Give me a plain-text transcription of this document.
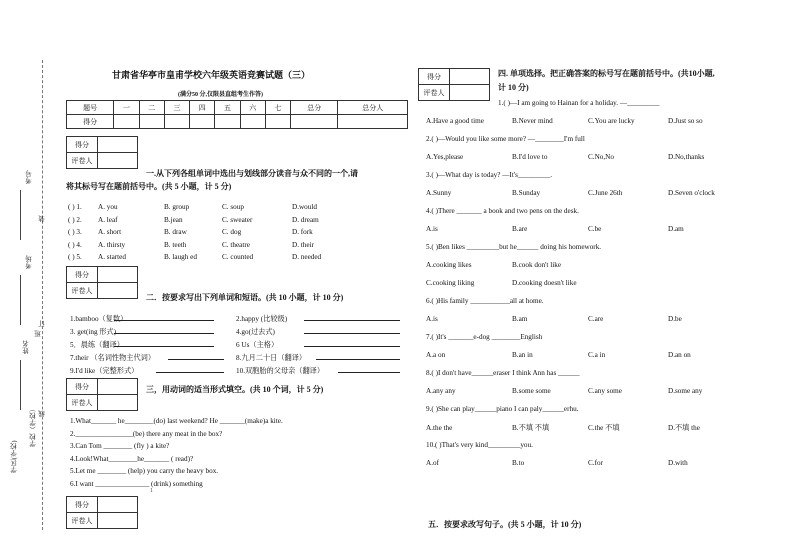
学区(学校)
学校（学校）
姓名
班
考场
考号
装
订
线
甘肃省华亭市皇甫学校六年级英语竞赛试题（三）
(满分50 分,仅限县直组考生作答)
题号	一	二	三	四	五	六	七	总分	总分人
得分									
得分	
评卷人	
一.从下列各组单词中选出与划线部分读音与众不同的一个,请
将其标号写在题前括号中。(共 5 小题，计 5 分)
( ) 1. A. you	B. group	C. soup	D.would
( ) 2. A. leaf	B.jean	C. sweater	D. dream
( ) 3. A. short	B. draw	C. dog	D. fork
( ) 4. A. thirsty	B. teeth	C. theatre	D. their
( ) 5. A. started	B. laugh ed	C. counted	D. needed
得分	
评卷人	
二．按要求写出下列单词和短语。(共 10 小题，计 10 分)
1.bamboo（复数）	2.happy (比较级)
3. get(ing 形式)	4.go(过去式)
5．晨练（翻译）	6 Us（主格）
7.their （名词性物主代词）	8.九月二十日（翻译）
9.I'd like（完整形式）	10.双胞胎的父母亲（翻译）
得分	
评卷人	
三，用动词的适当形式填空。(共 10 个词，计 5 分)
1.What_______ he________(do) last weekend? He _______(make)a kite.
2.________________(be) there any meat in the box?
3.Can Tom ________ (fly ) a kite?
4.Look!What________he_______ ( read)?
5.Let me ________ (help) you carry the heavy box.
6.I want _______________ (drink) something
得分	
评卷人	
得分	
评卷人	
四. 单项选择。把正确答案的标号写在题前括号中。(共10小题,
计 10 分)
1.( )—I am going to Hainan for a holiday. —_________
A.Have a good time	B.Never mind	C.You are lucky	D.Just so so
2.( )—Would you like some more? —________I'm full
A.Yes,please	B.I'd love to	C.No,No	D.No,thanks
3.( )—What day is today? —It's_________.
A.Sunny	B.Sunday	C.June 26th	D.Seven o'clock
4.( )There _______ a book and two pens on the desk.
A.is	B.are	C.be	D.am
5.( )Ben likes _________but he______ doing his homework.
A.cooking likes	B.cook don't like
C.cooking liking	D.cooking doesn't like
6.( )His family ___________all at home.
A.is	B.am	C.are	D.be
7.( )It's _______e-dog ________English
A.a on	B.an in	C.a in	D.an on
8.( )I don't have______eraser I think Ann has ______
A.any any	B.some some	C.any some	D.some any
9.( )She can play______piano I can paly______erhu.
A.the the	B.不填 不填	C.the 不填	D.不填 the
10.( )That's very kind_________you.
A.of	B.to	C.for	D.with
五．按要求改写句子。(共 5 小题，计 10 分)
1
